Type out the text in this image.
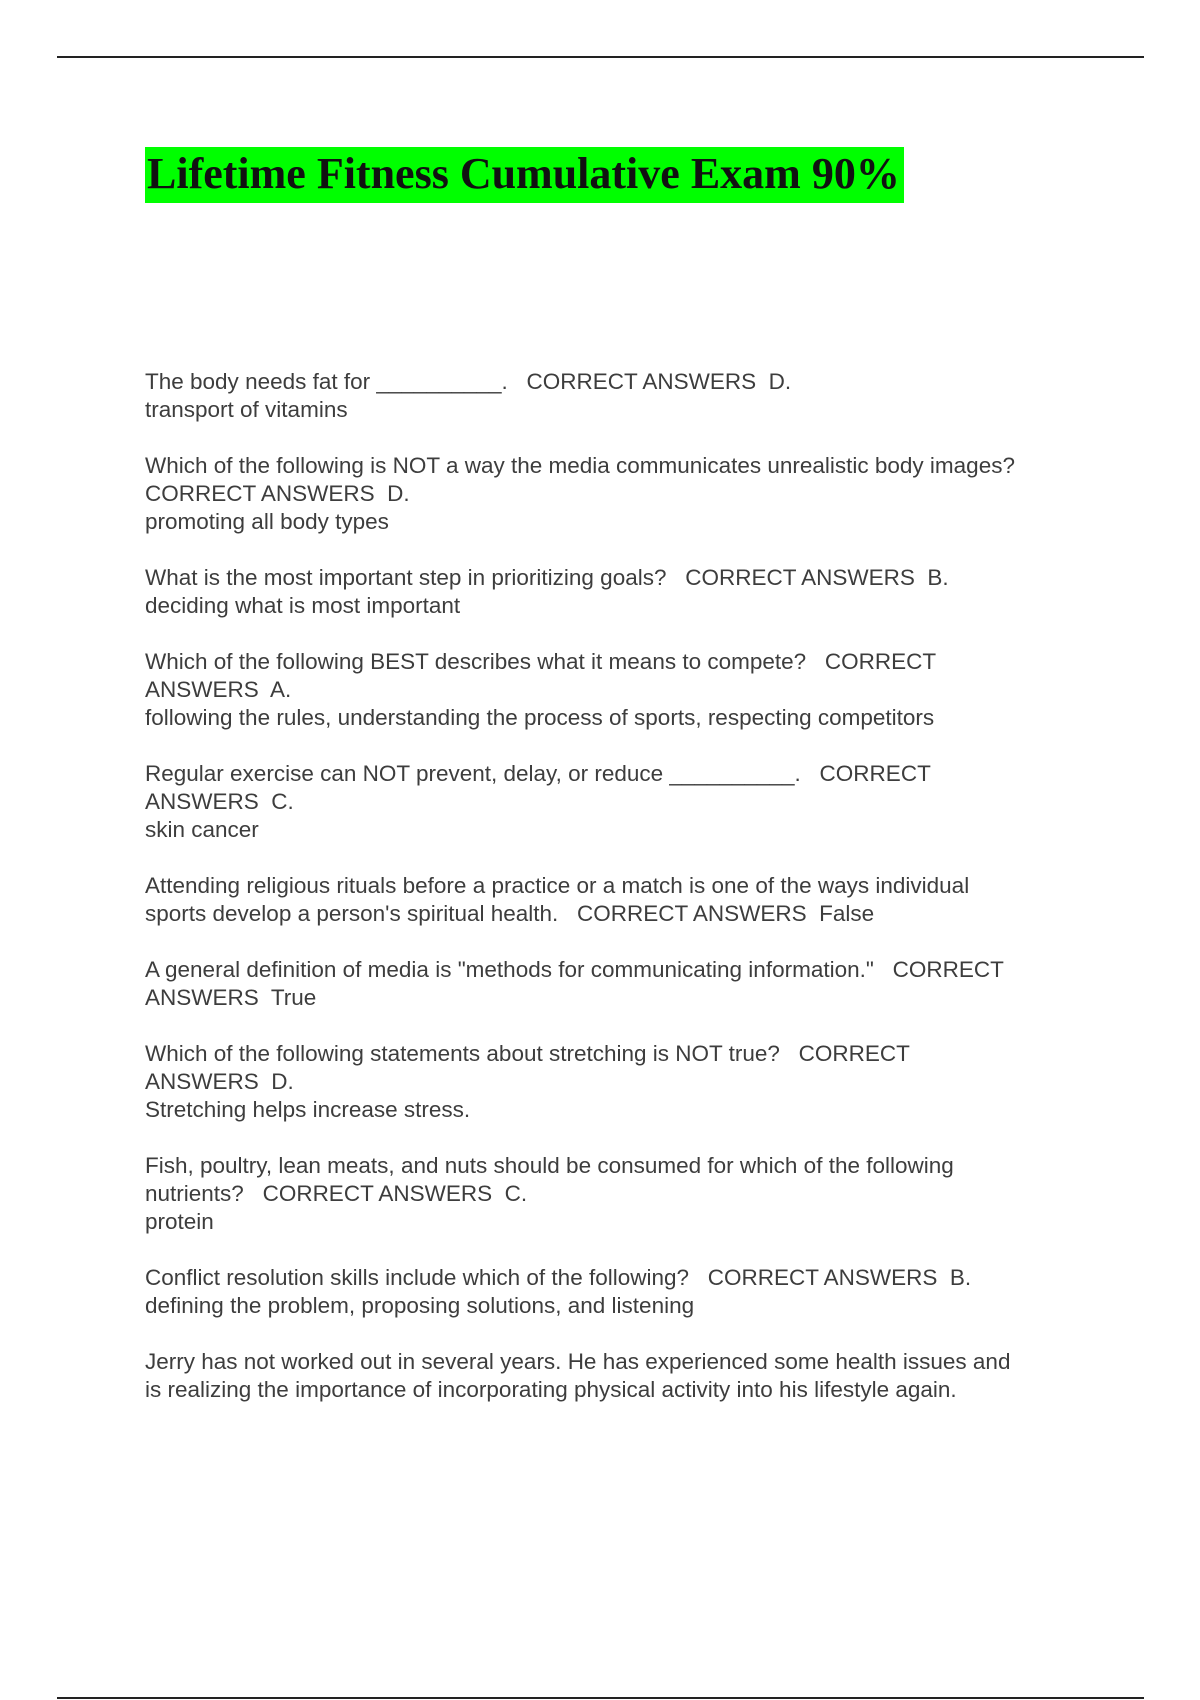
Lifetime Fitness Cumulative Exam 90%
The body needs fat for __________.   CORRECT ANSWERS  D.
transport of vitamins
Which of the following is NOT a way the media communicates unrealistic body images?
CORRECT ANSWERS  D.
promoting all body types
What is the most important step in prioritizing goals?   CORRECT ANSWERS  B.
deciding what is most important
Which of the following BEST describes what it means to compete?   CORRECT
ANSWERS  A.
following the rules, understanding the process of sports, respecting competitors
Regular exercise can NOT prevent, delay, or reduce __________.   CORRECT
ANSWERS  C.
skin cancer
Attending religious rituals before a practice or a match is one of the ways individual
sports develop a person's spiritual health.   CORRECT ANSWERS  False
A general definition of media is "methods for communicating information."   CORRECT
ANSWERS  True
Which of the following statements about stretching is NOT true?   CORRECT
ANSWERS  D.
Stretching helps increase stress.
Fish, poultry, lean meats, and nuts should be consumed for which of the following
nutrients?   CORRECT ANSWERS  C.
protein
Conflict resolution skills include which of the following?   CORRECT ANSWERS  B.
defining the problem, proposing solutions, and listening
Jerry has not worked out in several years. He has experienced some health issues and
is realizing the importance of incorporating physical activity into his lifestyle again.
